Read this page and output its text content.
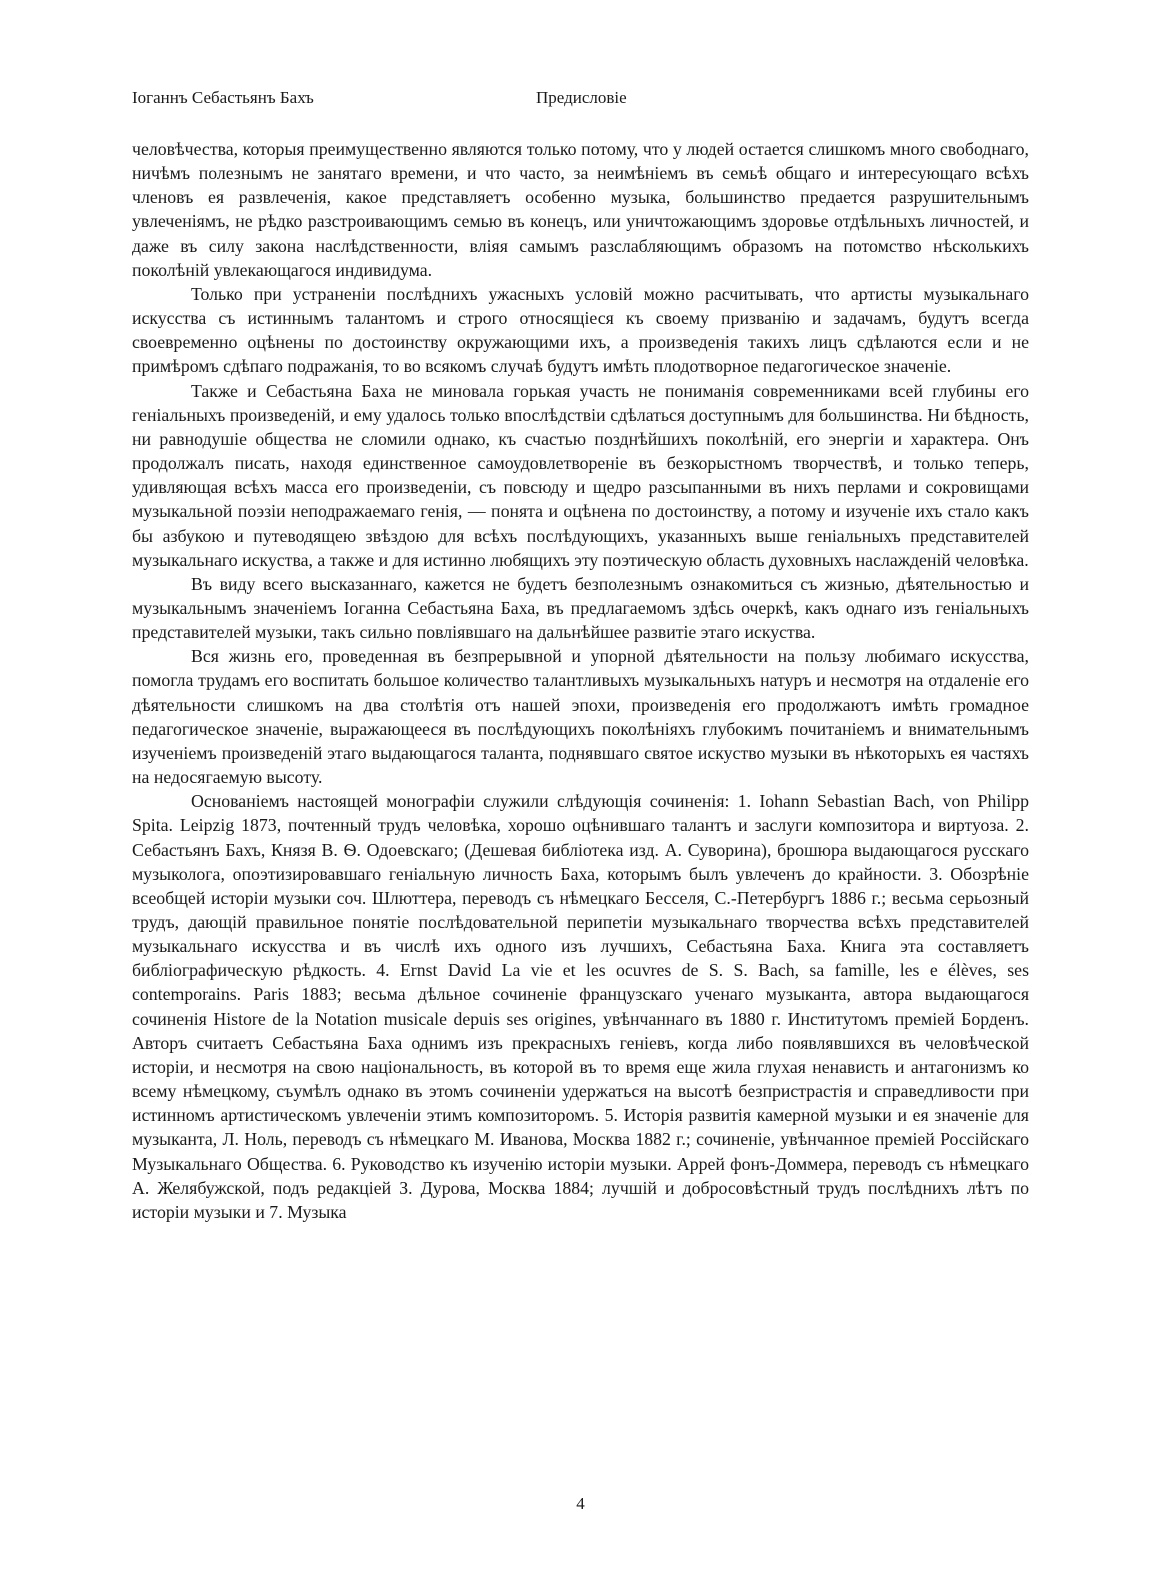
Іоганнъ Себастьянъ Бахъ	Предисловіе

человѣчества, которыя преимущественно являются только потому, что у людей остается слишкомъ много свободнаго, ничѣмъ полезнымъ не занятаго времени, и что часто, за неимѣніемъ въ семьѣ общаго и интересующаго всѣхъ членовъ ея развлеченія, какое представляетъ особенно музыка, большинство предается разрушительнымъ увлеченіямъ, не рѣдко разстроивающимъ семью въ конецъ, или уничтожающимъ здоровье отдѣльныхъ личностей, и даже въ силу закона наслѣдственности, вліяя самымъ разслабляющимъ образомъ на потомство нѣсколькихъ поколѣній увлекающагося индивидума.

Только при устраненіи послѣднихъ ужасныхъ условій можно расчитывать, что артисты музыкальнаго искусства съ истиннымъ талантомъ и строго относящіеся къ своему призванію и задачамъ, будутъ всегда своевременно оцѣнены по достоинству окружающими ихъ, а произведенія такихъ лицъ сдѣлаются если и не примѣромъ сдѣпаго подражанія, то во всякомъ случаѣ будутъ имѣть плодотворное педагогическое значеніе.

Также и Себастьяна Баха не миновала горькая участь не пониманія современниками всей глубины его геніальныхъ произведеній, и ему удалось только впослѣдствіи сдѣлаться доступнымъ для большинства. Ни бѣдность, ни равнодушіе общества не сломили однако, къ счастью позднѣйшихъ поколѣній, его энергіи и характера. Онъ продолжалъ писать, находя единственное самоудовлетвореніе въ безкорыстномъ творчествѣ, и только теперь, удивляющая всѣхъ масса его произведеніи, съ повсюду и щедро разсыпанными въ нихъ перлами и сокровищами музыкальной поэзіи неподражаемаго генія, — понята и оцѣнена по достоинству, а потому и изученіе ихъ стало какъ бы азбукою и путеводящею звѣздою для всѣхъ послѣдующихъ, указанныхъ выше геніальныхъ представителей музыкальнаго искуства, а также и для истинно любящихъ эту поэтическую область духовныхъ наслажденій человѣка.

Въ виду всего высказаннаго, кажется не будетъ безполезнымъ ознакомиться съ жизнью, дѣятельностью и музыкальнымъ значеніемъ Іоганна Себастьяна Баха, въ предлагаемомъ здѣсь очеркѣ, какъ однаго изъ геніальныхъ представителей музыки, такъ сильно повліявшаго на дальнѣйшее развитіе этаго искуства.

Вся жизнь его, проведенная въ безпрерывной и упорной дѣятельности на пользу любимаго искусства, помогла трудамъ его воспитать большое количество талантливыхъ музыкальныхъ натуръ и несмотря на отдаленіе его дѣятельности слишкомъ на два столѣтія отъ нашей эпохи, произведенія его продолжаютъ имѣть громадное педагогическое значеніе, выражающееся въ послѣдующихъ поколѣніяхъ глубокимъ почитаніемъ и внимательнымъ изученіемъ произведеній этаго выдающагося таланта, поднявшаго святое искуство музыки въ нѣкоторыхъ ея частяхъ на недосягаемую высоту.

Основаніемъ настоящей монографіи служили слѣдующія сочиненія: 1. Iohann Sebastian Bach, von Philipp Spita. Leipzig 1873, почтенный трудъ человѣка, хорошо оцѣнившаго талантъ и заслуги композитора и виртуоза. 2. Себастьянъ Бахъ, Князя В. Ѳ. Одоевскаго; (Дешевая библіотека изд. А. Суворина), брошюра выдающагося русскаго музыколога, опоэтизировавшаго геніальную личность Баха, которымъ былъ увлеченъ до крайности. 3. Обозрѣніе всеобщей исторіи музыки соч. Шлюттера, переводъ съ нѣмецкаго Бесселя, С.-Петербургъ 1886 г.; весьма серьозный трудъ, дающій правильное понятіе послѣдовательной перипетіи музыкальнаго творчества всѣхъ представителей музыкальнаго искусства и въ числѣ ихъ одного изъ лучшихъ, Себастьяна Баха. Книга эта составляетъ библіографическую рѣдкость. 4. Ernst David La vie et les ocuvres de S. S. Bach, sa famille, les e élèves, ses contemporains. Paris 1883; весьма дѣльное сочиненіе французскаго ученаго музыканта, автора выдающагося сочиненія Histore de la Notation musicale depuis ses origines, увѣнчаннаго въ 1880 г. Институтомъ преміей Борденъ. Авторъ считаетъ Себастьяна Баха однимъ изъ прекрасныхъ геніевъ, когда либо появлявшихся въ человѣческой исторіи, и несмотря на свою національность, въ которой въ то время еще жила глухая ненависть и антагонизмъ ко всему нѣмецкому, съумѣлъ однако въ этомъ сочиненіи удержаться на высотѣ безпристрастія и справедливости при истинномъ артистическомъ увлеченіи этимъ композиторомъ. 5. Исторія развитія камерной музыки и ея значеніе для музыканта, Л. Ноль, переводъ съ нѣмецкаго М. Иванова, Москва 1882 г.; сочиненіе, увѣнчанное преміей Россійскаго Музыкальнаго Общества. 6. Руководство къ изученію исторіи музыки. Аррей фонъ-Доммера, переводъ съ нѣмецкаго А. Желябужской, подъ редакціей З. Дурова, Москва 1884; лучшій и добросовѣстный трудъ послѣднихъ лѣтъ по исторіи музыки и 7. Музыка

4
